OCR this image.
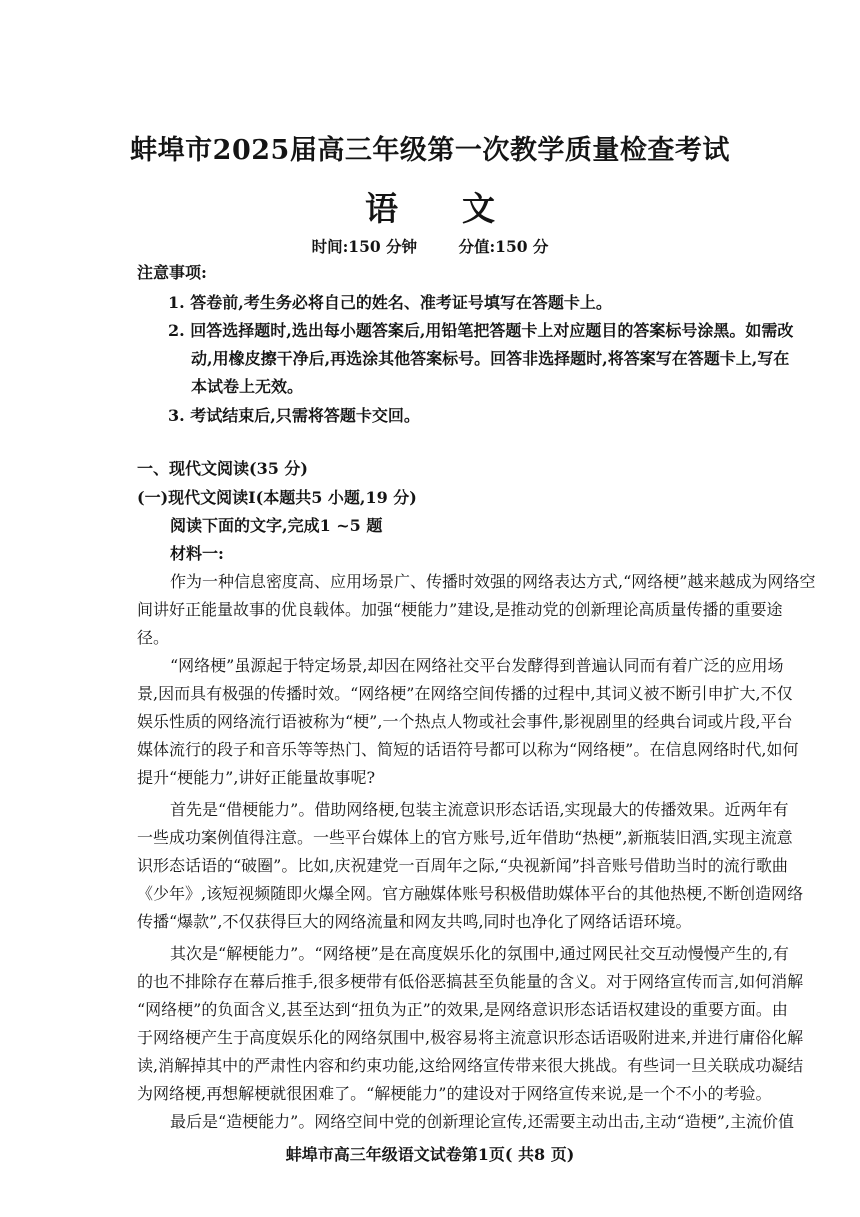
蚌埠市2025届高三年级第一次教学质量检查考试
语文
时间:150 分钟	分值:150 分
注意事项:
1. 答卷前,考生务必将自己的姓名、准考证号填写在答题卡上。
2. 回答选择题时,选出每小题答案后,用铅笔把答题卡上对应题目的答案标号涂黑。如需改
动,用橡皮擦干净后,再选涂其他答案标号。回答非选择题时,将答案写在答题卡上,写在
本试卷上无效。
3. 考试结束后,只需将答题卡交回。
一、现代文阅读(35 分)
(一)现代文阅读Ⅰ(本题共5 小题,19 分)
阅读下面的文字,完成1 ~5 题
材料一:
作为一种信息密度高、应用场景广、传播时效强的网络表达方式,“网络梗”越来越成为网络空
间讲好正能量故事的优良载体。加强“梗能力”建设,是推动党的创新理论高质量传播的重要途
径。
“网络梗”虽源起于特定场景,却因在网络社交平台发酵得到普遍认同而有着广泛的应用场
景,因而具有极强的传播时效。“网络梗”在网络空间传播的过程中,其词义被不断引申扩大,不仅
娱乐性质的网络流行语被称为“梗”,一个热点人物或社会事件,影视剧里的经典台词或片段,平台
媒体流行的段子和音乐等等热门、简短的话语符号都可以称为“网络梗”。在信息网络时代,如何
提升“梗能力”,讲好正能量故事呢?
首先是“借梗能力”。借助网络梗,包装主流意识形态话语,实现最大的传播效果。近两年有
一些成功案例值得注意。一些平台媒体上的官方账号,近年借助“热梗”,新瓶装旧酒,实现主流意
识形态话语的“破圈”。比如,庆祝建党一百周年之际,“央视新闻”抖音账号借助当时的流行歌曲
《少年》,该短视频随即火爆全网。官方融媒体账号积极借助媒体平台的其他热梗,不断创造网络
传播“爆款”,不仅获得巨大的网络流量和网友共鸣,同时也净化了网络话语环境。
其次是“解梗能力”。“网络梗”是在高度娱乐化的氛围中,通过网民社交互动慢慢产生的,有
的也不排除存在幕后推手,很多梗带有低俗恶搞甚至负能量的含义。对于网络宣传而言,如何消解
“网络梗”的负面含义,甚至达到“扭负为正”的效果,是网络意识形态话语权建设的重要方面。由
于网络梗产生于高度娱乐化的网络氛围中,极容易将主流意识形态话语吸附进来,并进行庸俗化解
读,消解掉其中的严肃性内容和约束功能,这给网络宣传带来很大挑战。有些词一旦关联成功凝结
为网络梗,再想解梗就很困难了。“解梗能力”的建设对于网络宣传来说,是一个不小的考验。
最后是“造梗能力”。网络空间中党的创新理论宣传,还需要主动出击,主动“造梗”,主流价值
蚌埠市高三年级语文试卷第1页( 共8 页)
